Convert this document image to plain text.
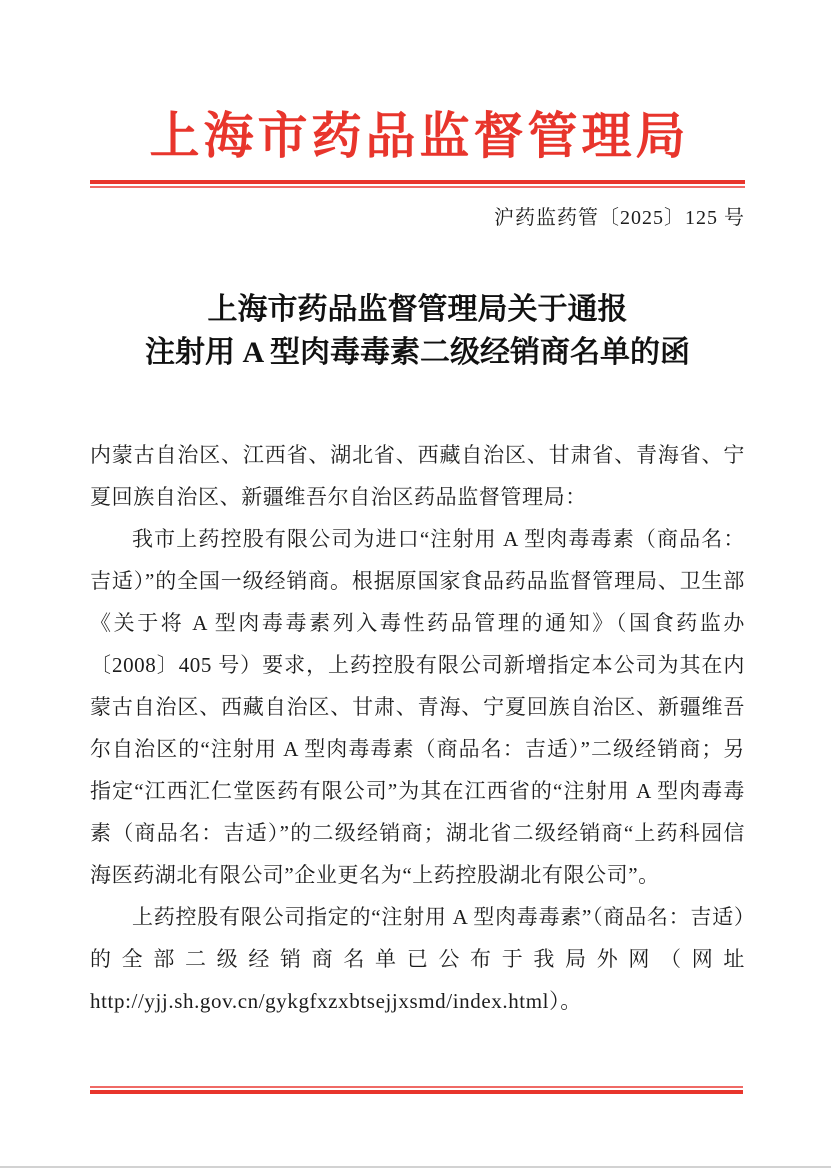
上海市药品监督管理局
沪药监药管〔2025〕125 号
上海市药品监督管理局关于通报
注射用 A 型肉毒毒素二级经销商名单的函

内蒙古自治区、江西省、湖北省、西藏自治区、甘肃省、青海省、宁夏回族自治区、新疆维吾尔自治区药品监督管理局：

我市上药控股有限公司为进口“注射用 A 型肉毒毒素（商品名：吉适）”的全国一级经销商。根据原国家食品药品监督管理局、卫生部《关于将 A 型肉毒毒素列入毒性药品管理的通知》（国食药监办〔2008〕405 号）要求，上药控股有限公司新增指定本公司为其在内蒙古自治区、西藏自治区、甘肃、青海、宁夏回族自治区、新疆维吾尔自治区的“注射用 A 型肉毒毒素（商品名：吉适）”二级经销商；另指定“江西汇仁堂医药有限公司”为其在江西省的“注射用 A 型肉毒毒素（商品名：吉适）”的二级经销商；湖北省二级经销商“上药科园信海医药湖北有限公司”企业更名为“上药控股湖北有限公司”。

上药控股有限公司指定的“注射用 A 型肉毒毒素”（商品名：吉适）的全部二级经销商名单已公布于我局外网（网址 http://yjj.sh.gov.cn/gykgfxzxbtsejjxsmd/index.html）。
